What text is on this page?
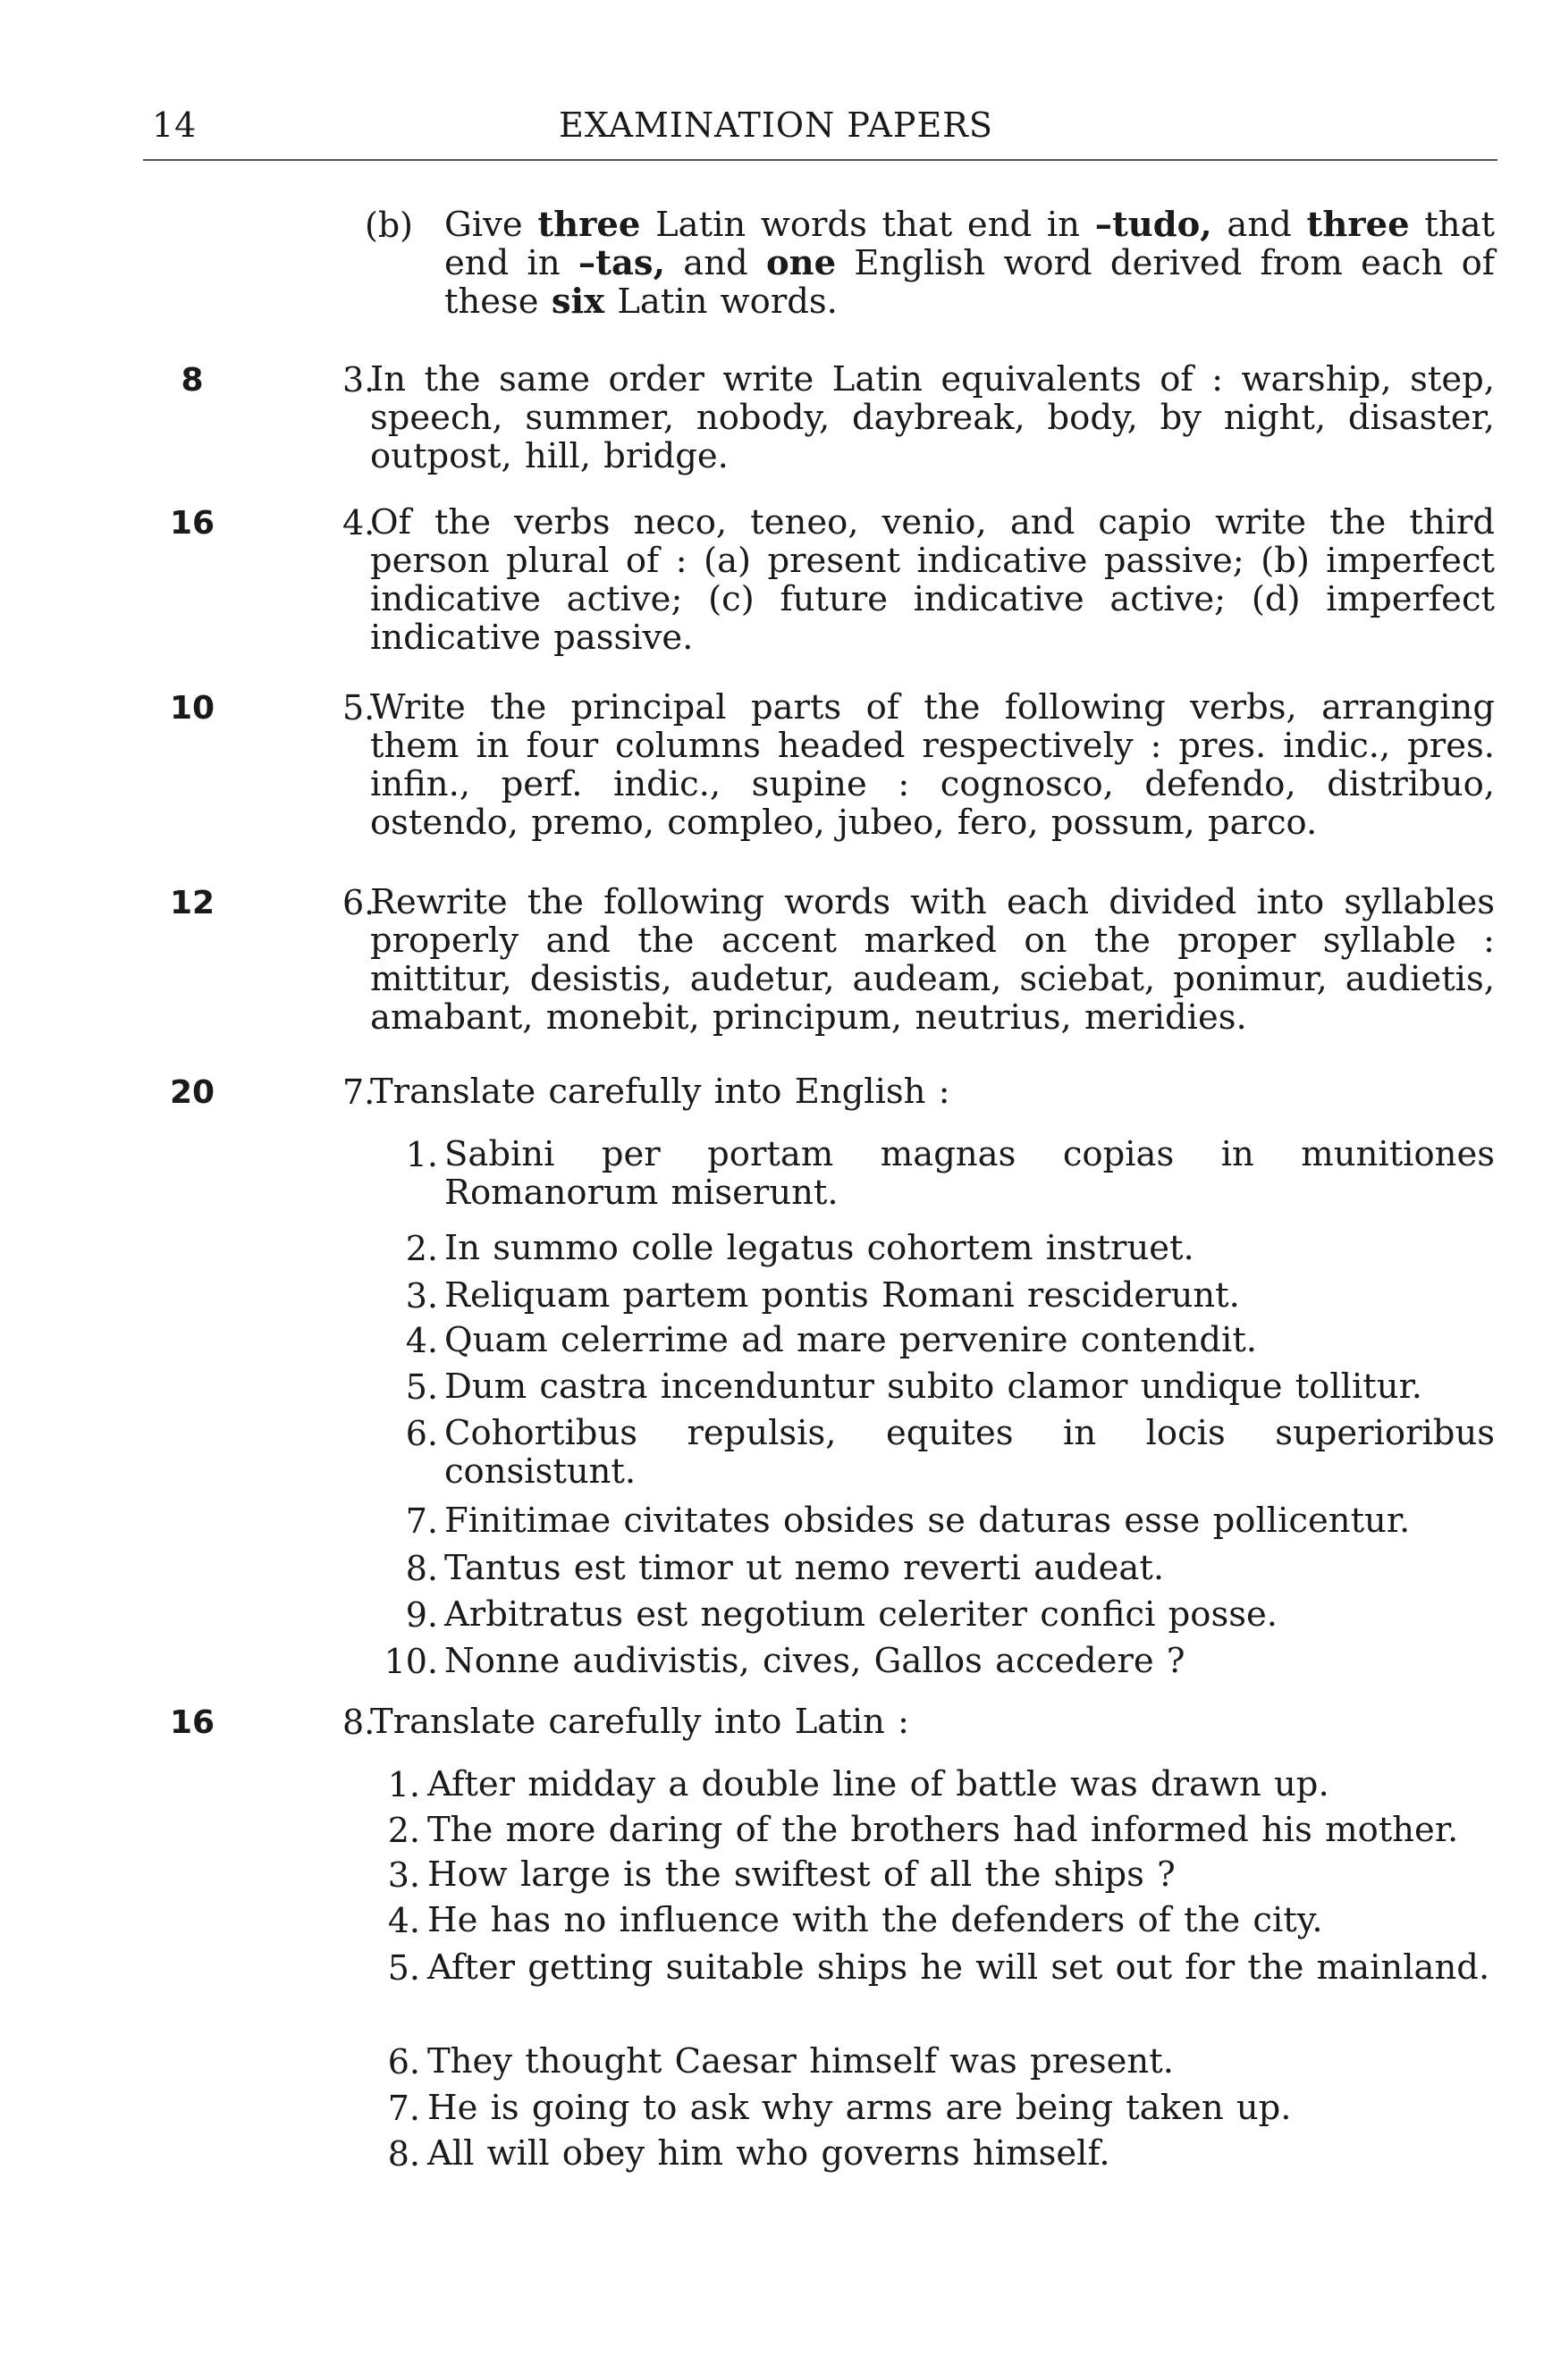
14	EXAMINATION PAPERS
(b) Give three Latin words that end in –tudo, and three that end in –tas, and one English word derived from each of these six Latin words.
8	3.
In the same order write Latin equivalents of : warship, step, speech, summer, nobody, daybreak, body, by night, disaster, outpost, hill, bridge.
16	4.
Of the verbs neco, teneo, venio, and capio write the third person plural of : (a) present indicative passive; (b) imperfect indicative active; (c) future indicative active; (d) imperfect indicative passive.
10	5.
Write the principal parts of the following verbs, arranging them in four columns headed respectively : pres. indic., pres. infin., perf. indic., supine : cognosco, defendo, distribuo, ostendo, premo, compleo, jubeo, fero, possum, parco.
12	6.
Rewrite the following words with each divided into syllables properly and the accent marked on the proper syllable : mittitur, desistis, audetur, audeam, sciebat, ponimur, audietis, amabant, monebit, principum, neutrius, meridies.
20	7.
Translate carefully into English :
1. Sabini per portam magnas copias in munitiones Romanorum miserunt.
2. In summo colle legatus cohortem instruet.
3. Reliquam partem pontis Romani resciderunt.
4. Quam celerrime ad mare pervenire contendit.
5. Dum castra incenduntur subito clamor undique tollitur.
6. Cohortibus repulsis, equites in locis superioribus consistunt.
7. Finitimae civitates obsides se daturas esse pollicentur.
8. Tantus est timor ut nemo reverti audeat.
9. Arbitratus est negotium celeriter confici posse.
10. Nonne audivistis, cives, Gallos accedere ?
16	8.
Translate carefully into Latin :
1. After midday a double line of battle was drawn up.
2. The more daring of the brothers had informed his mother.
3. How large is the swiftest of all the ships ?
4. He has no influence with the defenders of the city.
5. After getting suitable ships he will set out for the mainland.
6. They thought Caesar himself was present.
7. He is going to ask why arms are being taken up.
8. All will obey him who governs himself.
